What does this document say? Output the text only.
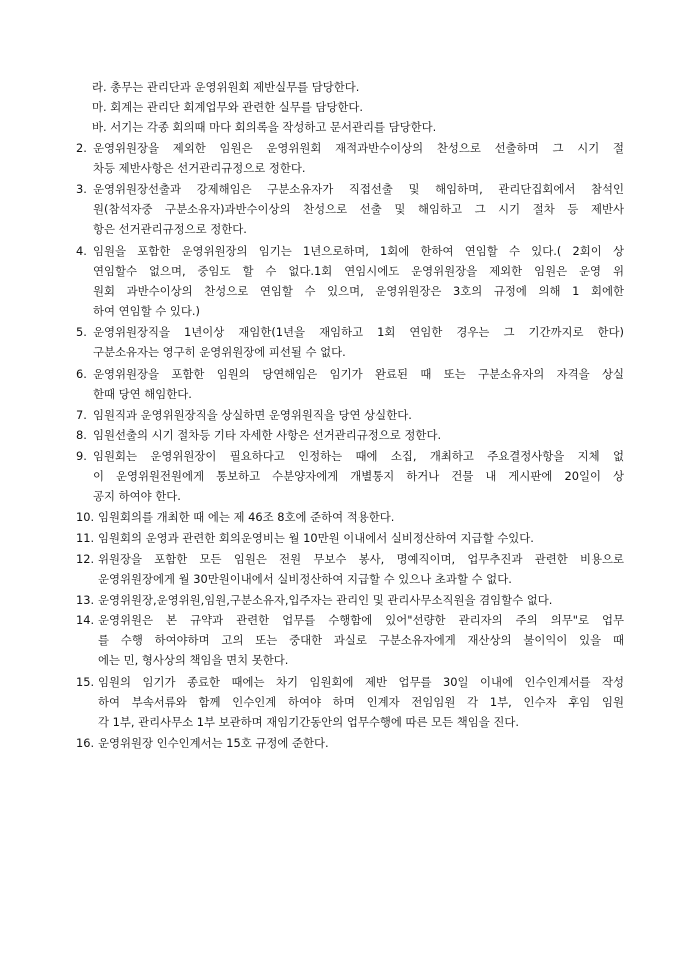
라. 총무는 관리단과 운영위원회 제반실무를 담당한다.
마. 회계는 관리단 회계업무와 관련한 실무를 담당한다.
바. 서기는 각종 회의때 마다 회의록을 작성하고 문서관리를 담당한다.
2. 운영위원장을 제외한 임원은 운영위원회 재적과반수이상의 찬성으로 선출하며 그 시기 절
차등 제반사항은 선거관리규정으로 정한다.
3. 운영위원장선출과 강제해임은 구분소유자가 직접선출 및 해임하며, 관리단집회에서 참석인
원(참석자중 구분소유자)과반수이상의 찬성으로 선출 및 해임하고 그 시기 절차 등 제반사
항은 선거관리규정으로 정한다.
4. 임원을 포함한 운영위원장의 임기는 1년으로하며, 1회에 한하여 연임할 수 있다.( 2회이 상
연임할수 없으며, 중임도 할 수 없다.1회 연임시에도 운영위원장을 제외한 임원은 운영 위
원회 과반수이상의 찬성으로 연임할 수 있으며, 운영위원장은 3호의 규정에 의해 1 회에한
하여 연임할 수 있다.)
5. 운영위원장직을 1년이상 재임한(1년을 재임하고 1회 연임한 경우는 그 기간까지로 한다)
구분소유자는 영구히 운영위원장에 피선될 수 없다.
6. 운영위원장을 포함한 임원의 당연해임은 임기가 완료된 때 또는 구분소유자의 자격을 상실
한때 당연 해임한다.
7. 임원직과 운영위원장직을 상실하면 운영위원직을 당연 상실한다.
8. 임원선출의 시기 절차등 기타 자세한 사항은 선거관리규정으로 정한다.
9. 임원회는 운영위원장이 필요하다고 인정하는 때에 소집, 개최하고 주요결정사항을 지체 없
이 운영위원전원에게 통보하고 수분양자에게 개별통지 하거나 건물 내 게시판에 20일이 상
공지 하여야 한다.
10. 임원회의를 개최한 때 에는 제 46조 8호에 준하여 적용한다.
11. 임원회의 운영과 관련한 회의운영비는 월 10만원 이내에서 실비정산하여 지급할 수있다.
12. 위원장을 포함한 모든 임원은 전원 무보수 봉사, 명예직이며, 업무추진과 관련한 비용으로
운영위원장에게 월 30만원이내에서 실비정산하여 지급할 수 있으나 초과할 수 없다.
13. 운영위원장,운영위원,임원,구분소유자,입주자는 관리인 및 관리사무소직원을 겸임할수 없다.
14. 운영위원은 본 규약과 관련한 업무를 수행함에 있어"선량한 관리자의 주의 의무"로 업무
를 수행 하여야하며 고의 또는 중대한 과실로 구분소유자에게 재산상의 불이익이 있을 때
에는 민, 형사상의 책임을 면치 못한다.
15. 임원의 임기가 종료한 때에는 차기 임원회에 제반 업무를 30일 이내에 인수인계서를 작성
하여 부속서류와 함께 인수인계 하여야 하며 인계자 전임임원 각 1부, 인수자 후임 임원
각 1부, 관리사무소 1부 보관하며 재임기간동안의 업무수행에 따른 모든 책임을 진다.
16. 운영위원장 인수인계서는 15호 규정에 준한다.
